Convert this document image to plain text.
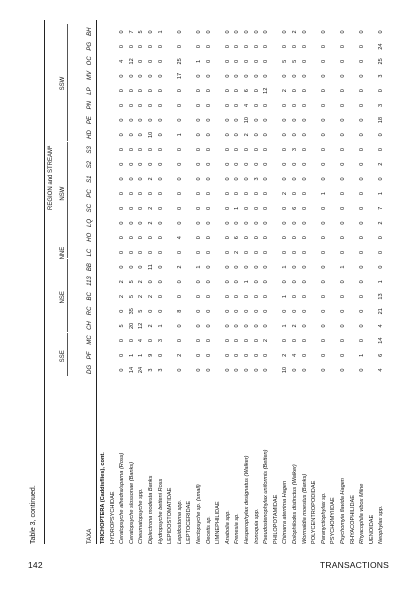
Table 3, continued.
REGION and STREAMª
SSE
NSE
NNE
NSW
SSW
TAXA
DG
PF
MC
CH
RC
BC
113
BB
LC
HO
LQ
SC
PC
S1
S2
S3
HD
PE
PN
LP
MV
OC
PG
BH
TRICHOPTERA (Caddisflies), cont. HYDROPSYCHIDAE Ceratopsyche alhedra/sparna (Ross)
0
0
0
5
0
2
2
0
0
0
0
0
0
0
0
0
0
0
0
0
0
4
0
0
Ceratopsyche slossonae (Banks)
14
1
0
20
35
5
5
0
0
0
0
0
0
0
0
0
0
0
0
0
0
12
0
7
Cheumatopsyche spp.
24
1
4
12
5
2
2
0
0
0
0
0
0
0
0
0
0
0
0
0
0
0
0
5
Diplectrona modesta Banks
3
9
0
2
0
2
0
11
0
0
2
2
0
2
0
0
10
0
0
0
0
0
0
0
Hydropsyche betteni Ross
3
0
3
1
0
0
0
0
0
0
0
0
0
0
0
0
0
0
0
0
0
0
0
1
LEPIDOSTOMATIDAE Lepidostoma spp.
0
2
0
0
8
0
0
2
0
4
0
0
0
0
0
0
1
0
0
0
17
25
0
0
LEPTOCERIDAE Nectopsyche sp. (small)
0
0
0
0
0
0
0
1
0
0
0
0
0
0
0
0
0
0
0
0
0
1
0
0
Oecetis sp.
0
0
0
0
0
0
0
0
0
0
0
0
0
0
0
0
0
0
0
0
0
0
0
0
LIMNEPHILIDAE Anabolia spp.
0
0
0
0
0
0
0
0
0
0
0
0
0
0
0
0
0
0
0
0
0
0
0
0
Frenesia sp.
0
0
0
0
0
0
0
0
2
6
0
1
0
0
0
0
0
0
0
0
0
0
0
0
Hesperophylax designatus (Walker)
0
0
0
0
0
0
1
0
0
0
0
0
0
0
0
0
2
10
4
6
0
0
0
0
Ironoquia spp.
0
0
0
0
0
0
0
0
0
0
0
0
0
3
0
0
0
0
0
0
0
0
0
0
Pseudostenophylax uniformis (Betten)
0
0
2
0
0
0
0
0
0
0
0
0
0
0
0
0
0
0
0
12
0
0
0
0
PHILOPOTAMIDAE Chimarra aterrima Hagen
10
2
0
1
0
1
0
1
0
0
0
0
2
0
0
0
0
0
0
2
0
5
0
0
Dolophilodes distinctus (Walker)
0
4
0
2
0
0
0
0
0
0
0
6
0
0
0
3
0
0
0
0
0
5
0
2
Wormaldia moestus (Banks)
0
0
0
0
0
0
0
0
0
0
0
0
0
0
0
0
0
0
0
0
0
0
0
0
POLYCENTROPODIDAE Paranyctiophylax sp.
0
0
0
0
0
0
0
0
0
0
0
0
1
0
0
0
0
0
0
0
0
0
0
0
PSYCHOMYIIDAE Psychomyia flavida Hagen
0
0
0
0
0
0
0
1
0
0
0
0
0
0
0
0
0
0
0
0
0
0
0
0
RHYACOPHILIDAE Rhyacophila vibox Milne
0
1
0
0
0
0
0
0
0
0
0
0
0
0
0
0
0
0
0
0
0
0
0
0
UENOIDAE Neophylax spp.
4
6
14
4
21
13
1
0
0
0
2
7
1
0
2
0
0
18
3
0
3
25
24
0
142	TRANSACTIONS
